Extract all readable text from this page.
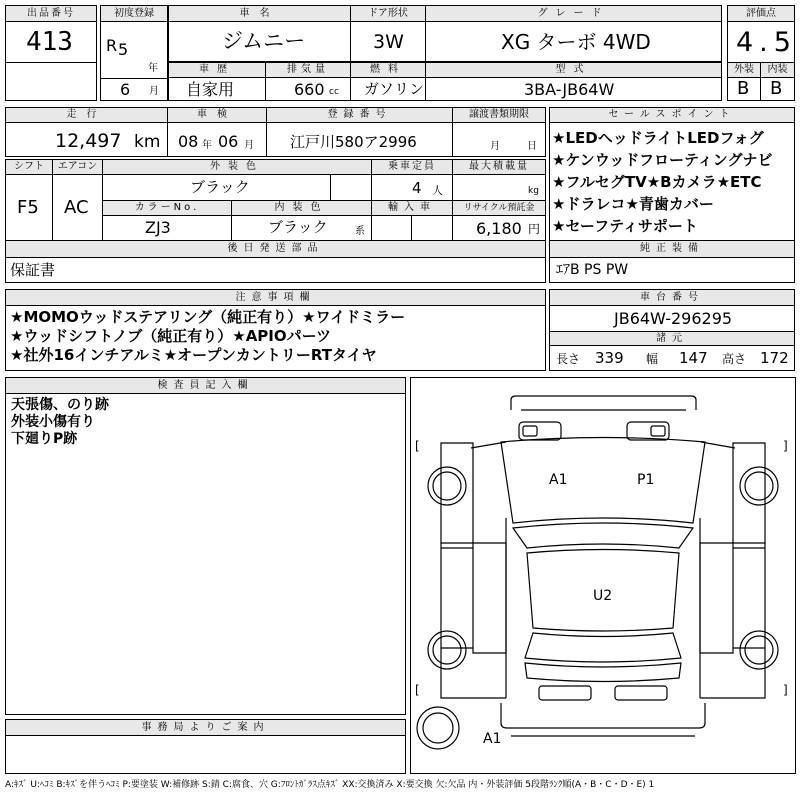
出品番号
413
初度登録
R 5
年
6 月
車名
ジムニー
ドア形状
3W
グレード
XG ターボ 4WD
評価点
4.5
外装	内装
B B
車歴
自家用
排気量
660 cc
燃料
ガソリン
型式
3BA-JB64W
走行
12,497 km
車検
08 年 06 月
登録番号
江戸川580ア2996
譲渡書類期限
月	日
セールスポイント
★LEDヘッドライトLEDフォグ
★ケンウッドフローティングナビ
★フルセグTV★Bカメラ★ETC
★ドラレコ★青歯カバー
★セーフティサポート
シフト
F5
エアコン
AC
外装色
ブラック
乗車定員
4 人
最大積載量
kg
カラーNo.
ZJ3
内装色
ブラック	系
輸入車	リサイクル預託金
6,180 円
後日発送部品
保証書
純正装備
ｴｱB PS PW
注意事項欄
★MOMOウッドステアリング（純正有り）★ワイドミラー
★ウッドシフトノブ（純正有り）★APIOパーツ
★社外16インチアルミ★オープンカントリーRTタイヤ
車台番号
JB64W-296295
諸元
長さ 339 幅 147 高さ 172
検査員記入欄
天張傷、のり跡
外装小傷有り
下廻りP跡
事務局よりご案内
A1	P1
U2
A1
[	]
[	]
A:ｷｽﾞ U:ﾍｺﾐ B:ｷｽﾞを伴うﾍｺﾐ P:要塗装 W:補修跡 S:錆 C:腐食、穴 G:ﾌﾛﾝﾄｶﾞﾗｽ点ｷｽﾞ XX:交換済み X:要交換 欠:欠品 内・外装評価 5段階ﾗﾝｸ順(A・B・C・D・E) 1
